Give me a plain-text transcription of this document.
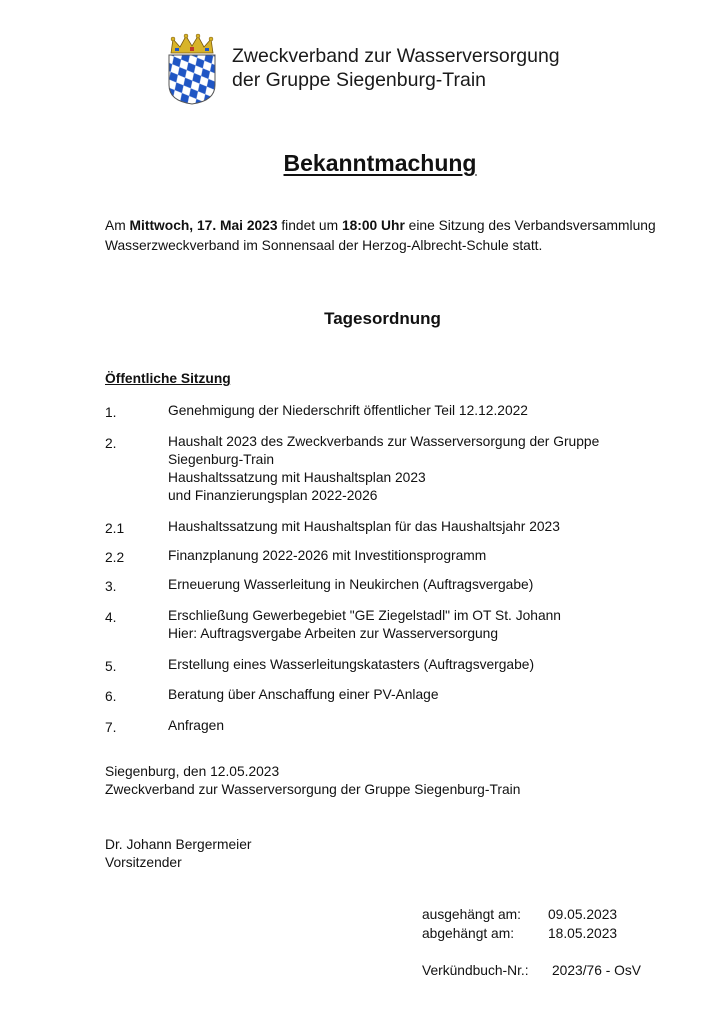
Zweckverband zur Wasserversorgung
der Gruppe Siegenburg-Train
Bekanntmachung
Am Mittwoch, 17. Mai 2023 findet um 18:00 Uhr eine Sitzung des Verbandsversammlung Wasserzweckverband im Sonnensaal der Herzog-Albrecht-Schule statt.
Tagesordnung
Öffentliche Sitzung
1.	Genehmigung der Niederschrift öffentlicher Teil 12.12.2022
2.	Haushalt 2023 des Zweckverbands zur Wasserversorgung der Gruppe
Siegenburg-Train
Haushaltssatzung mit Haushaltsplan 2023
und Finanzierungsplan 2022-2026
2.1	Haushaltssatzung mit Haushaltsplan für das Haushaltsjahr 2023
2.2	Finanzplanung 2022-2026 mit Investitionsprogramm
3.	Erneuerung Wasserleitung in Neukirchen (Auftragsvergabe)
4.	Erschließung Gewerbegebiet "GE Ziegelstadl" im OT St. Johann
Hier: Auftragsvergabe Arbeiten zur Wasserversorgung
5.	Erstellung eines Wasserleitungskatasters (Auftragsvergabe)
6.	Beratung über Anschaffung einer PV-Anlage
7.	Anfragen
Siegenburg, den 12.05.2023
Zweckverband zur Wasserversorgung der Gruppe Siegenburg-Train
Dr. Johann Bergermeier
Vorsitzender
ausgehängt am: 09.05.2023
abgehängt am: 18.05.2023
Verkündbuch-Nr.: 2023/76 - OsV
